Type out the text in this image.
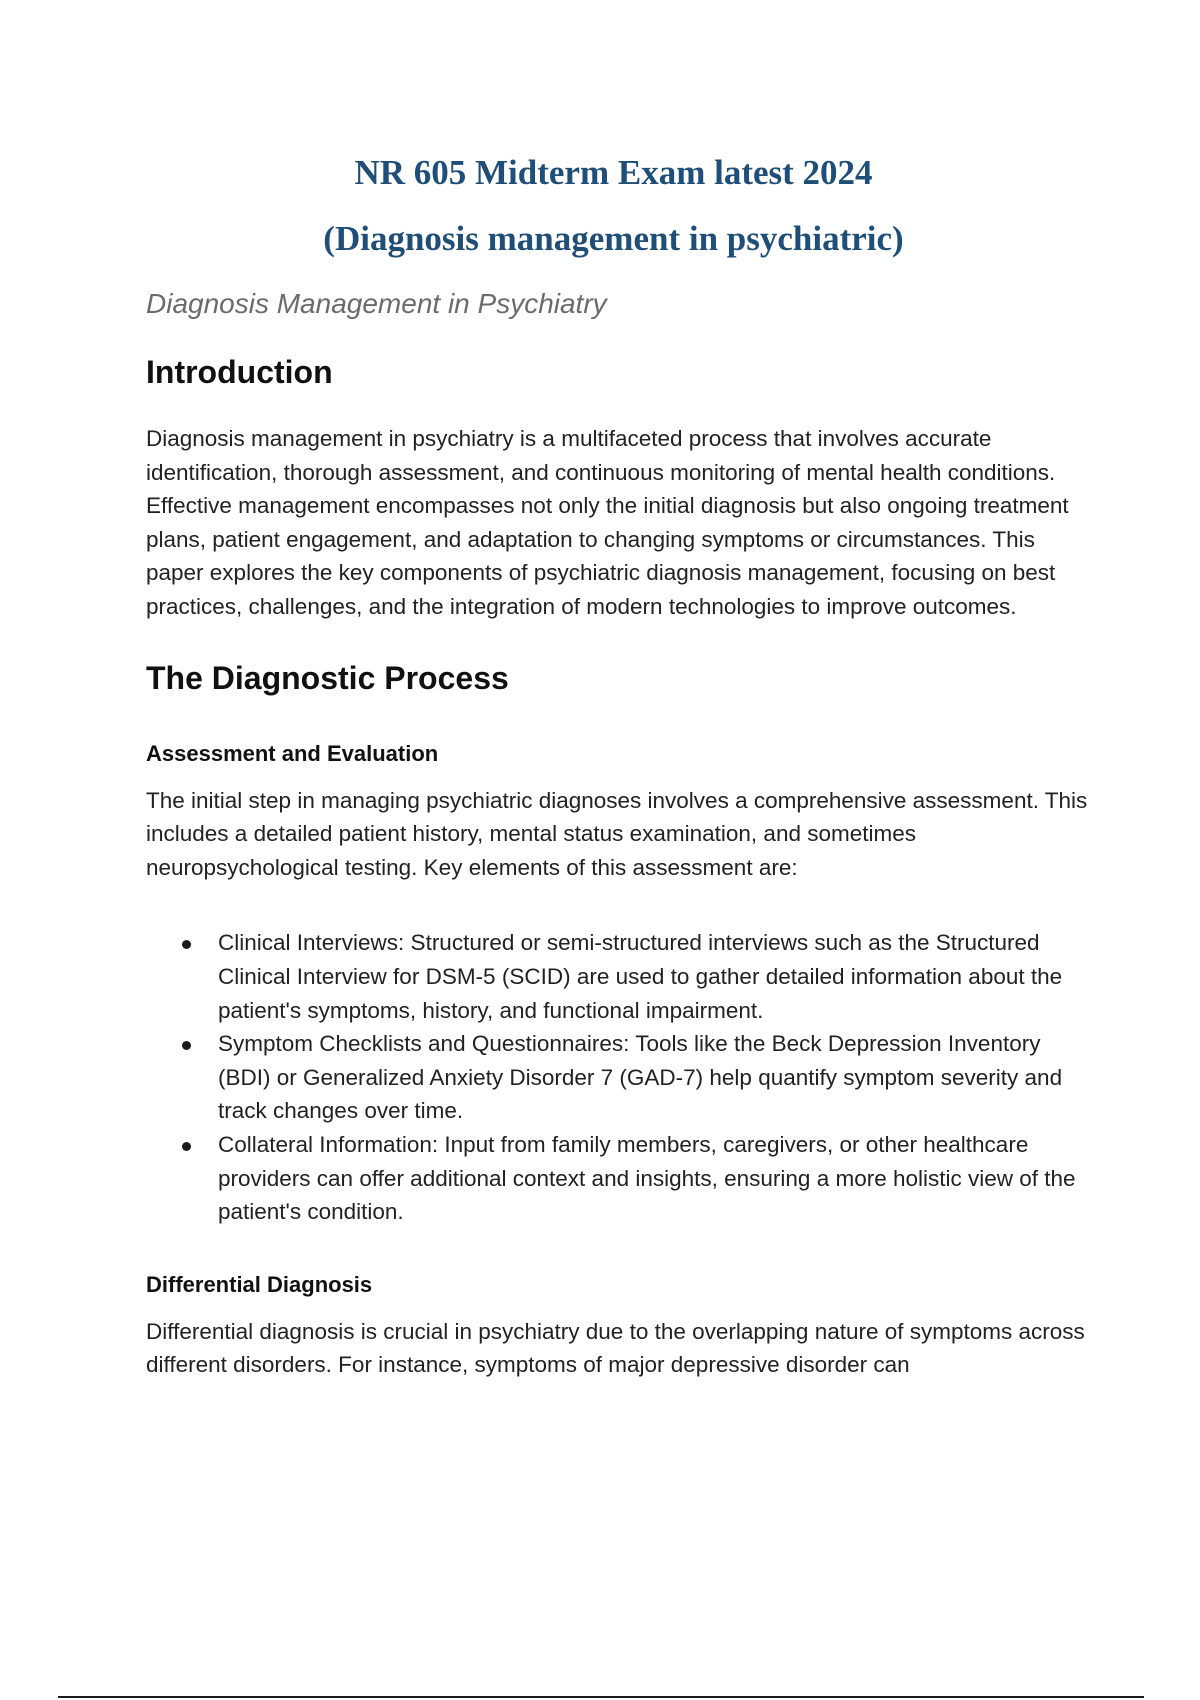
NR 605 Midterm Exam latest 2024
(Diagnosis management in psychiatric)

Diagnosis Management in Psychiatry

Introduction

Diagnosis management in psychiatry is a multifaceted process that involves accurate identification, thorough assessment, and continuous monitoring of mental health conditions. Effective management encompasses not only the initial diagnosis but also ongoing treatment plans, patient engagement, and adaptation to changing symptoms or circumstances. This paper explores the key components of psychiatric diagnosis management, focusing on best practices, challenges, and the integration of modern technologies to improve outcomes.

The Diagnostic Process
Assessment and Evaluation

The initial step in managing psychiatric diagnoses involves a comprehensive assessment. This includes a detailed patient history, mental status examination, and sometimes neuropsychological testing. Key elements of this assessment are:

Clinical Interviews: Structured or semi-structured interviews such as the Structured Clinical Interview for DSM-5 (SCID) are used to gather detailed information about the patient's symptoms, history, and functional impairment.
Symptom Checklists and Questionnaires: Tools like the Beck Depression Inventory (BDI) or Generalized Anxiety Disorder 7 (GAD-7) help quantify symptom severity and track changes over time.
Collateral Information: Input from family members, caregivers, or other healthcare providers can offer additional context and insights, ensuring a more holistic view of the patient's condition.
Differential Diagnosis

Differential diagnosis is crucial in psychiatry due to the overlapping nature of symptoms across different disorders. For instance, symptoms of major depressive disorder can
